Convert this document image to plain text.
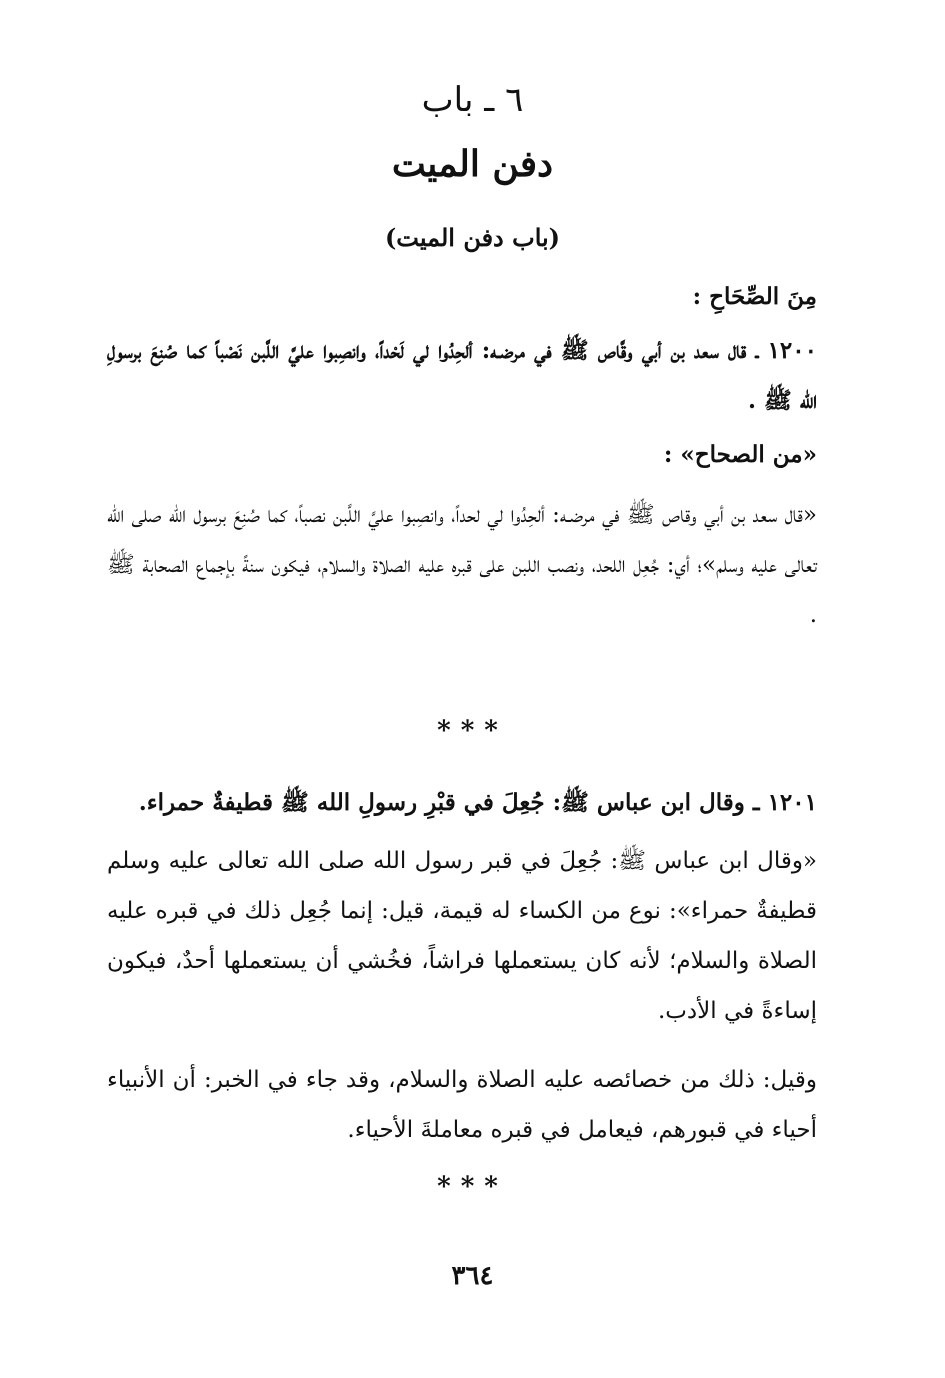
٦ ـ باب
دفن الميت
(باب دفن الميت)
مِنَ الصِّحَاحِ :
١٢٠٠ ـ قال سعد بن أبي وقَّاص ﷺ في مرضـه: ألحِدُوا لي لَحْداً، وانصِبوا عليَّ اللَّبن نَصْباً كما صُنِعَ برسولِ الله ﷺ .
«من الصحاح» :
«قال سعد بن أبي وقاص ﷺ في مرضـه: ألحِدُوا لي لحداً، وانصِبوا عليَّ اللَّبن نصباً، كما صُنِعَ برسول الله صلى الله تعالى عليه وسلم»؛ أي: جُعِل اللحد، ونصب اللبن على قبره عليه الصلاة والسلام، فيكون سنةً بإجماع الصحابة ﷺ .
***
١٢٠١ ـ وقال ابن عباس ﷺ: جُعِلَ في قبْرِ رسولِ الله ﷺ قطيفةٌ حمراء.
«وقال ابن عباس ﷺ: جُعِلَ في قبر رسول الله صلى الله تعالى عليه وسلم قطيفةٌ حمراء»: نوع من الكساء له قيمة، قيل: إنما جُعِل ذلك في قبره عليه الصلاة والسلام؛ لأنه كان يستعملها فراشاً، فخُشي أن يستعملها أحدٌ، فيكون إساءةً في الأدب.
وقيل: ذلك من خصائصه عليه الصلاة والسلام، وقد جاء في الخبر: أن الأنبياء أحياء في قبورهم، فيعامل في قبره معاملةَ الأحياء.
***
٣٦٤
